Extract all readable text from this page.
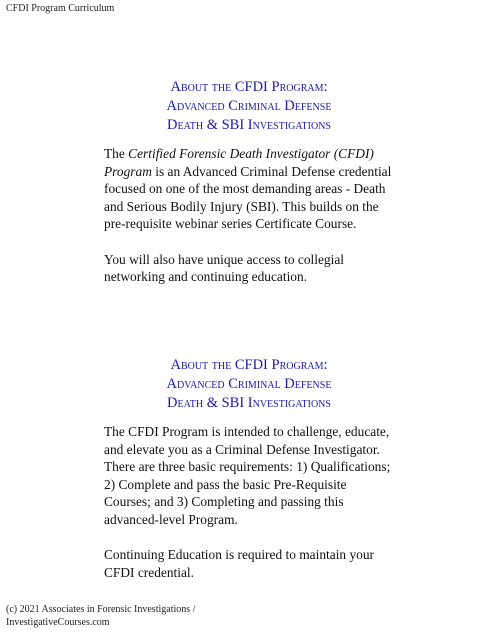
CFDI Program Curriculum
About the CFDI Program:
Advanced Criminal Defense
Death & SBI Investigations

The Certified Forensic Death Investigator (CFDI) Program is an Advanced Criminal Defense credential focused on one of the most demanding areas - Death and Serious Bodily Injury (SBI). This builds on the pre-requisite webinar series Certificate Course.

You will also have unique access to collegial networking and continuing education.

About the CFDI Program:
Advanced Criminal Defense
Death & SBI Investigations

The CFDI Program is intended to challenge, educate, and elevate you as a Criminal Defense Investigator. There are three basic requirements: 1) Qualifications; 2) Complete and pass the basic Pre-Requisite Courses; and 3) Completing and passing this advanced-level Program.

Continuing Education is required to maintain your CFDI credential.

(c) 2021 Associates in Forensic Investigations /
InvestigativeCourses.com
